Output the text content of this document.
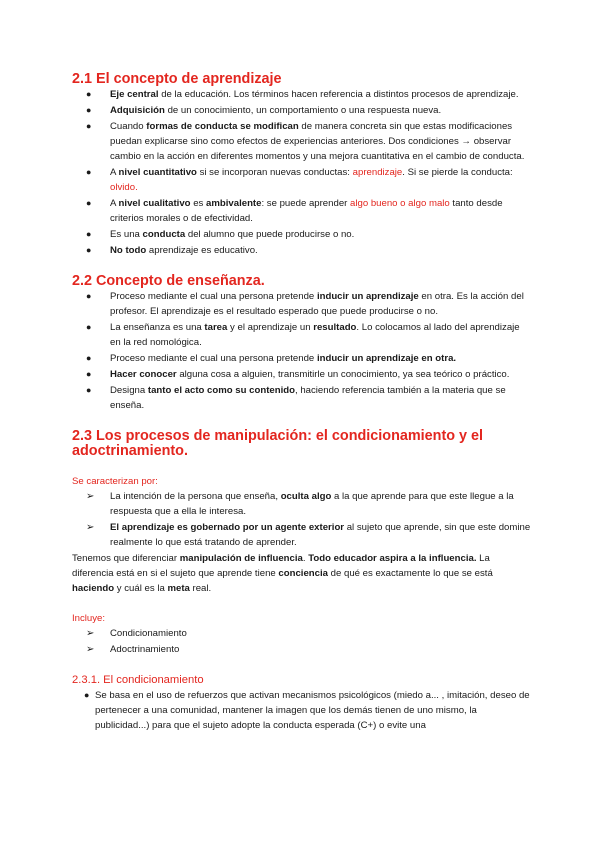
2.1 El concepto de aprendizaje
● Eje central de la educación. Los términos hacen referencia a distintos procesos de aprendizaje.
● Adquisición de un conocimiento, un comportamiento o una respuesta nueva.
● Cuando formas de conducta se modifican de manera concreta sin que estas modificaciones puedan explicarse sino como efectos de experiencias anteriores. Dos condiciones → observar cambio en la acción en diferentes momentos y una mejora cuantitativa en el cambio de conducta.
● A nivel cuantitativo si se incorporan nuevas conductas: aprendizaje. Si se pierde la conducta: olvido.
● A nivel cualitativo es ambivalente: se puede aprender algo bueno o algo malo tanto desde criterios morales o de efectividad.
● Es una conducta del alumno que puede producirse o no.
● No todo aprendizaje es educativo.
2.2 Concepto de enseñanza.
● Proceso mediante el cual una persona pretende inducir un aprendizaje en otra. Es la acción del profesor. El aprendizaje es el resultado esperado que puede producirse o no.
● La enseñanza es una tarea y el aprendizaje un resultado. Lo colocamos al lado del aprendizaje en la red nomológica.
● Proceso mediante el cual una persona pretende inducir un aprendizaje en otra.
● Hacer conocer alguna cosa a alguien, transmitirle un conocimiento, ya sea teórico o práctico.
● Designa tanto el acto como su contenido, haciendo referencia también a la materia que se enseña.
2.3 Los procesos de manipulación: el condicionamiento y el adoctrinamiento.

Se caracterizan por:

➢ La intención de la persona que enseña, oculta algo a la que aprende para que este llegue a la respuesta que a ella le interesa.
➢ El aprendizaje es gobernado por un agente exterior al sujeto que aprende, sin que este domine realmente lo que está tratando de aprender.

Tenemos que diferenciar manipulación de influencia. Todo educador aspira a la influencia. La diferencia está en si el sujeto que aprende tiene conciencia de qué es exactamente lo que se está haciendo y cuál es la meta real.

Incluye:

➢ Condicionamiento
➢ Adoctrinamiento
2.3.1. El condicionamiento
● Se basa en el uso de refuerzos que activan mecanismos psicológicos (miedo a... , imitación, deseo de pertenecer a una comunidad, mantener la imagen que los demás tienen de uno mismo, la publicidad...) para que el sujeto adopte la conducta esperada (C+) o evite una
